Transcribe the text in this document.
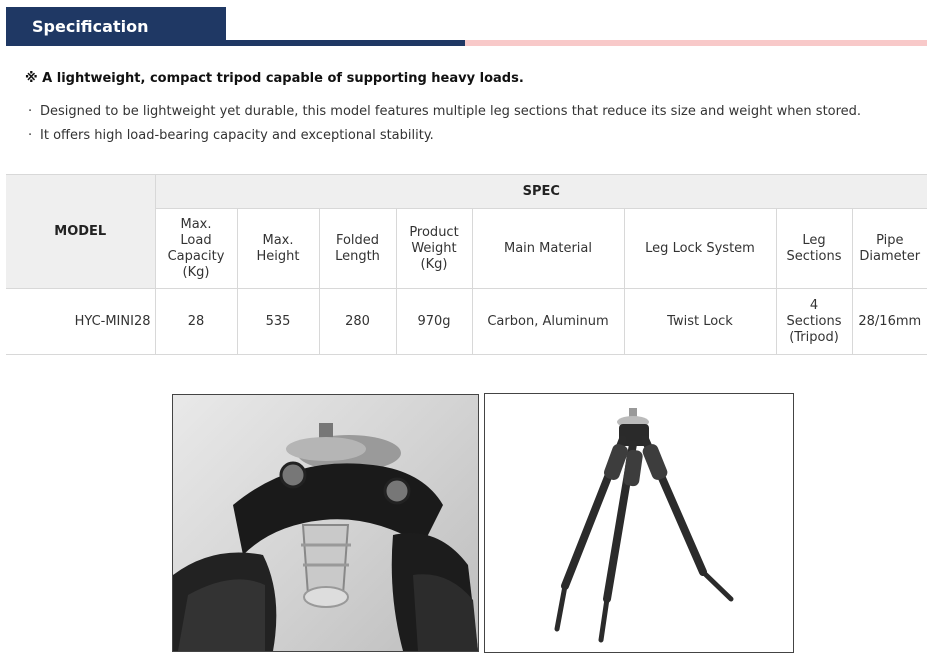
Specification
※ A lightweight, compact tripod capable of supporting heavy loads.
· Designed to be lightweight yet durable, this model features multiple leg sections that reduce its size and weight when stored.
· It offers high load-bearing capacity and exceptional stability.
MODEL	SPEC							
	Max. Load Capacity (Kg)	Max. Height	Folded Length	Product Weight (Kg)	Main Material	Leg Lock System	Leg Sections	Pipe Diameter
HYC-MINI28	28	535	280	970g	Carbon, Aluminum	Twist Lock	4 Sections (Tripod)	28/16mm
